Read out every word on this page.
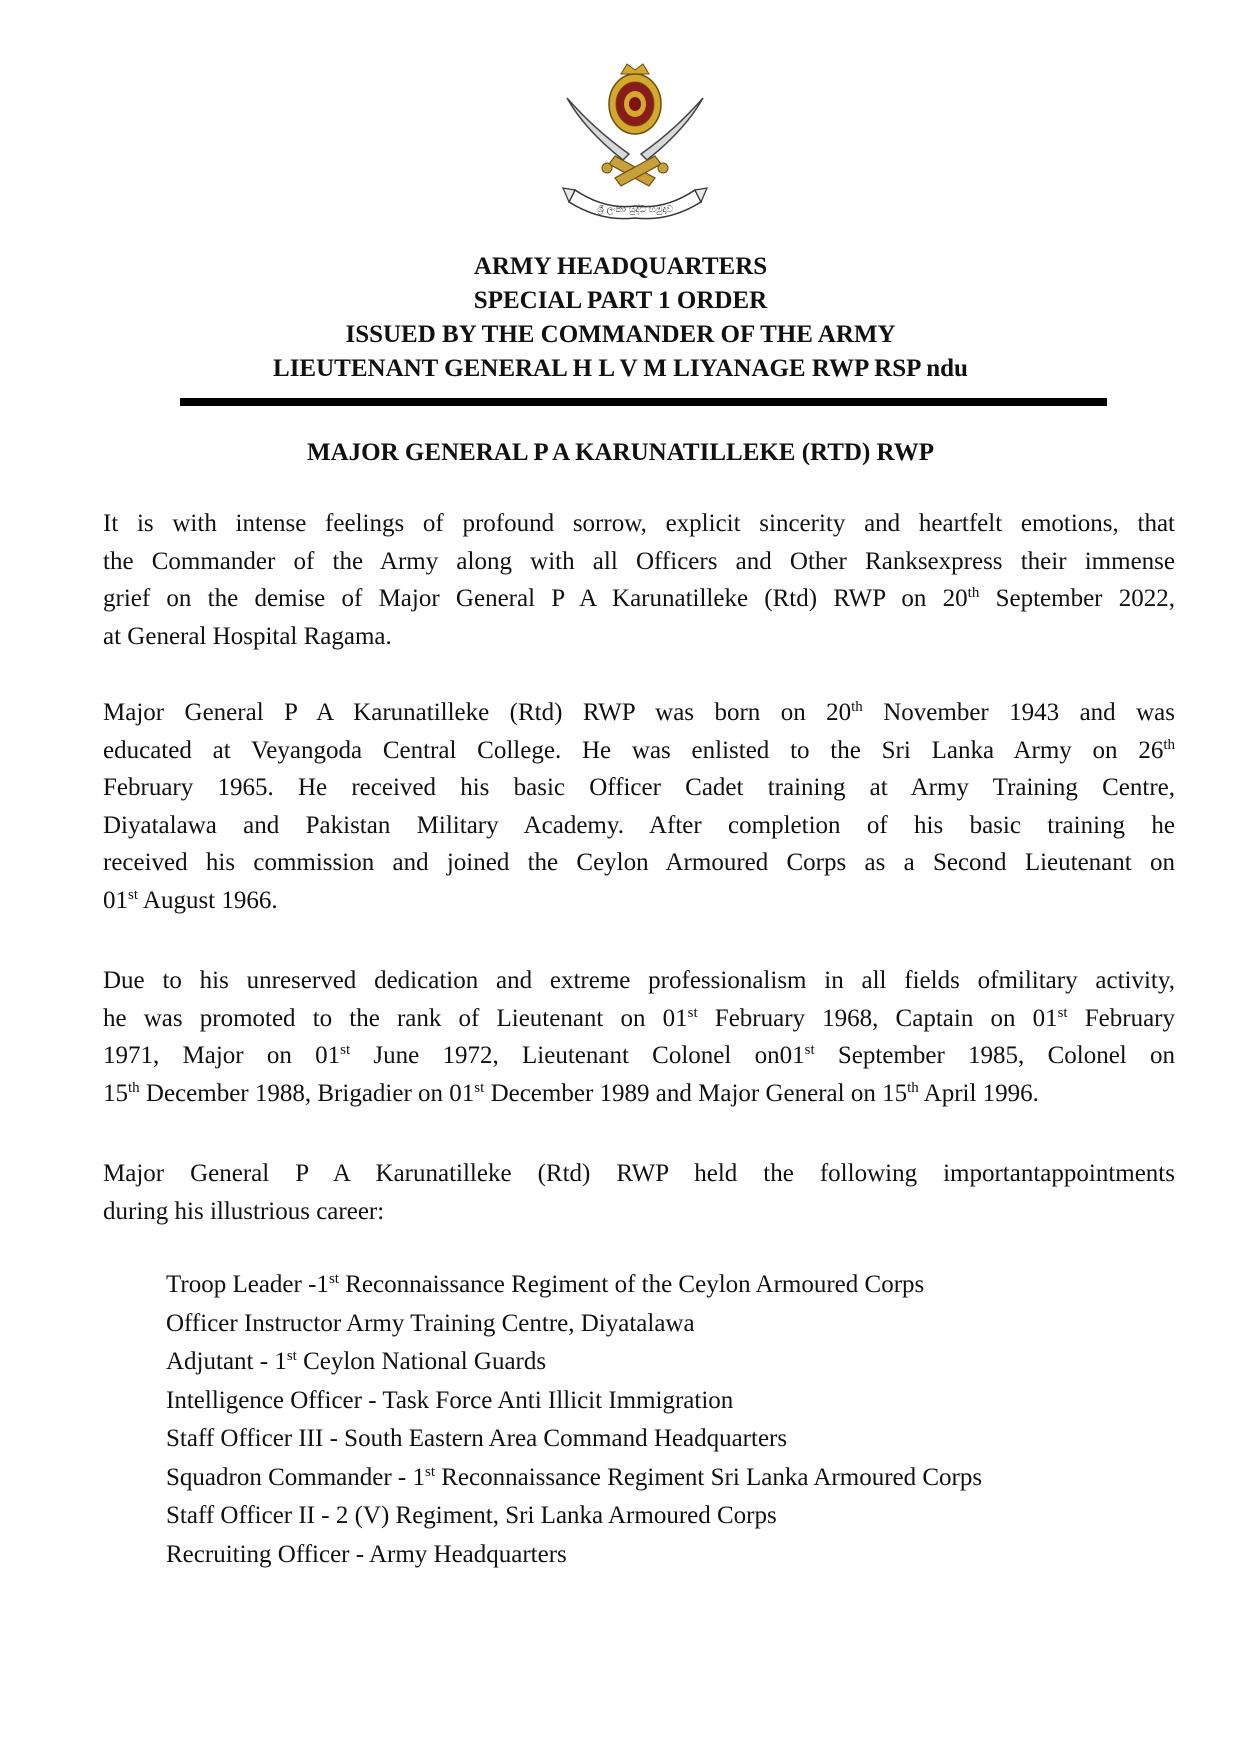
ශ්‍රී ලංකා යුද්ධ හමුදාව
ARMY HEADQUARTERS
SPECIAL PART 1 ORDER
ISSUED BY THE COMMANDER OF THE ARMY
LIEUTENANT GENERAL H L V M LIYANAGE RWP RSP ndu
MAJOR GENERAL P A KARUNATILLEKE (RTD) RWP
It is with intense feelings of profound sorrow, explicit sincerity and heartfelt emotions, that
the Commander of the Army along with all Officers and Other Ranksexpress their immense
grief on the demise of Major General P A Karunatilleke (Rtd) RWP on 20th September 2022,
at General Hospital Ragama.
Major General P A Karunatilleke (Rtd) RWP was born on 20th November 1943 and was
educated at Veyangoda Central College. He was enlisted to the Sri Lanka Army on 26th
February 1965. He received his basic Officer Cadet training at Army Training Centre,
Diyatalawa and Pakistan Military Academy. After completion of his basic training he
received his commission and joined the Ceylon Armoured Corps as a Second Lieutenant on
01st August 1966.
Due to his unreserved dedication and extreme professionalism in all fields ofmilitary activity,
he was promoted to the rank of Lieutenant on 01st February 1968, Captain on 01st February
1971, Major on 01st June 1972, Lieutenant Colonel on01st September 1985, Colonel on
15th December 1988, Brigadier on 01st December 1989 and Major General on 15th April 1996.
Major General P A Karunatilleke (Rtd) RWP held the following importantappointments
during his illustrious career:
Troop Leader -1st Reconnaissance Regiment of the Ceylon Armoured Corps
Officer Instructor Army Training Centre, Diyatalawa
Adjutant - 1st Ceylon National Guards
Intelligence Officer - Task Force Anti Illicit Immigration
Staff Officer III - South Eastern Area Command Headquarters
Squadron Commander - 1st Reconnaissance Regiment Sri Lanka Armoured Corps
Staff Officer II - 2 (V) Regiment, Sri Lanka Armoured Corps
Recruiting Officer - Army Headquarters
